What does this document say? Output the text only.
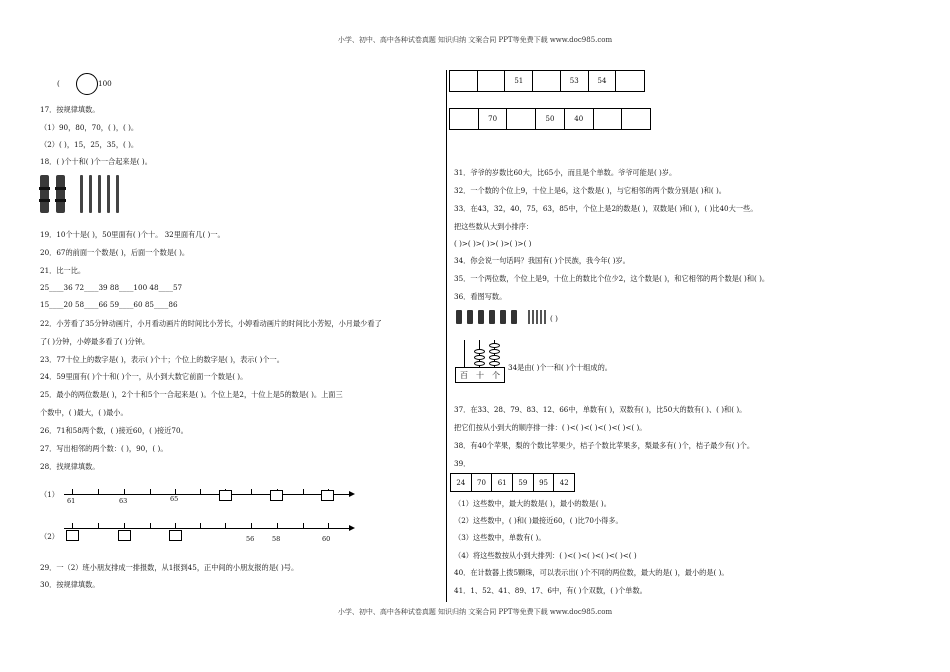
小学、初中、高中各种试卷真题 知识归纳 文案合同 PPT等免费下载 www.doc985.com
小学、初中、高中各种试卷真题 知识归纳 文案合同 PPT等免费下载 www.doc985.com
(	100
17．按规律填数。
（1）90，80，70，( )，( )。
（2）( )，15，25，35，( )。
18．( )个十和( )个一合起来是( )。
19．10个十是( )，50里面有( )个十。 32里面有几( )一。
20．67的前面一个数是( )，后面一个数是( )。
21．比一比。
25____36 72____39 88____100 48____57
15____20 58____66 59____60 85____86
22．小芳看了35分钟动画片，小月看动画片的时间比小芳长，小婷看动画片的时间比小芳短，小月最少看了
了( )分钟，小婷最多看了( )分钟。
23．77十位上的数字是( )，表示( )个十；个位上的数字是( )，表示( )个一。
24．59里面有( )个十和( )个一，从小到大数它前面一个数是( )。
25．最小的两位数是( )，2个十和5个一合起来是( )。个位上是2，十位上是5的数是( )。上面三
个数中，( )最大，( )最小。
26．71和58两个数，( )接近60，( )接近70。
27．写出相邻的两个数：( )，90，( )。
28．找规律填数。
（1）
61	63	65
（2）	56	58	60
29．一（2）班小朋友排成一排报数，从1报到45，正中间的小朋友报的是( )号。
30．按规律填数。
51	53	54
70	50	40
31．爷爷的岁数比60大，比65小，而且是个单数。爷爷可能是( )岁。
32．一个数的个位上9，十位上是6，这个数是( )，与它相邻的两个数分别是( )和( )。
33．在43，32，40，75，63，85中，个位上是2的数是( )，双数是( )和( )，( )比40大一些。
把这些数从大到小排序：
( )>( )>( )>( )>( )>( )
34．你会说一句话吗？我国有( )个民族，我今年( )岁。
35．一个两位数，个位上是9，十位上的数比个位少2，这个数是( )，和它相邻的两个数是( )和( )。
36．看图写数。
( )
百 十 个
34是由( )个一和( )个十组成的。
37．在33、28、79、83、12、66中，单数有( )，双数有( )，比50大的数有( )、( )和( )。
把它们按从小到大的顺序排一排：( )<( )<( )<( )<( )<( )。
38．有40个苹果，梨的个数比苹果少，桔子个数比苹果多，梨最多有( )个，桔子最少有( )个。
39．
24	70	61	59	95	42
（1）这些数中，最大的数是( )，最小的数是( )。
（2）这些数中，( )和( )最接近60，( )比70小得多。
（3）这些数中，单数有( )。
（4）将这些数按从小到大排列：( )<( )<( )<( )<( )<( )
40．在计数器上拨5颗珠，可以表示出( )个不同的两位数，最大的是( )，最小的是( )。
41．1、52、41、89、17、6中，有( )个双数，( )个单数。
